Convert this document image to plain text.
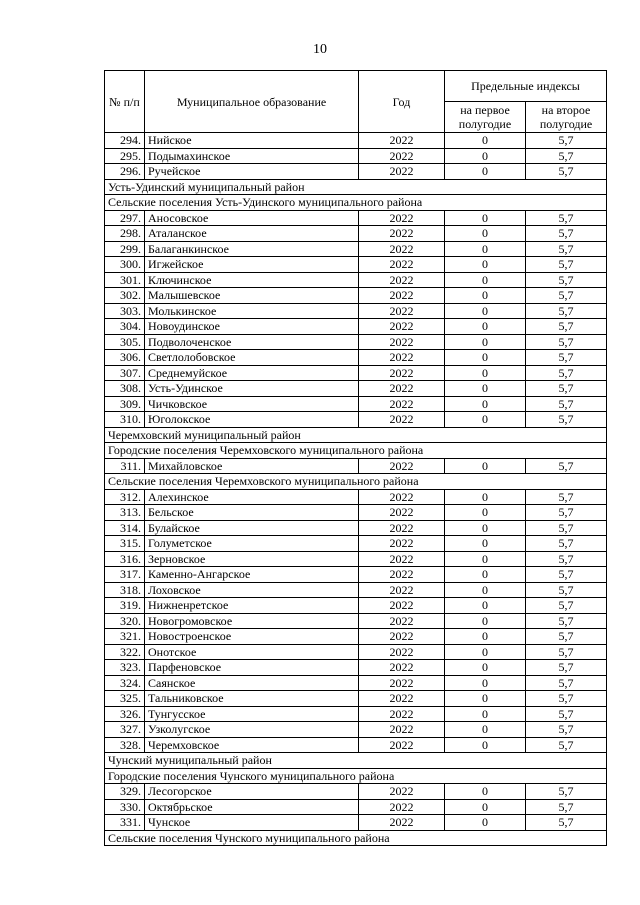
10
№ п/п	Муниципальное образование	Год	Предельные индексы	
			на первое полугодие	на второе полугодие
294.	Нийское	2022	0	5,7
295.	Подымахинское	2022	0	5,7
296.	Ручейское	2022	0	5,7
Усть-Удинский муниципальный район				
Сельские поселения Усть-Удинского муниципального района				
297.	Аносовское	2022	0	5,7
298.	Аталанское	2022	0	5,7
299.	Балаганкинское	2022	0	5,7
300.	Игжейское	2022	0	5,7
301.	Ключинское	2022	0	5,7
302.	Малышевское	2022	0	5,7
303.	Молькинское	2022	0	5,7
304.	Новоудинское	2022	0	5,7
305.	Подволоченское	2022	0	5,7
306.	Светлолобовское	2022	0	5,7
307.	Среднемуйское	2022	0	5,7
308.	Усть-Удинское	2022	0	5,7
309.	Чичковское	2022	0	5,7
310.	Юголокское	2022	0	5,7
Черемховский муниципальный район				
Городские поселения Черемховского муниципального района				
311.	Михайловское	2022	0	5,7
Сельские поселения Черемховского муниципального района				
312.	Алехинское	2022	0	5,7
313.	Бельское	2022	0	5,7
314.	Булайское	2022	0	5,7
315.	Голуметское	2022	0	5,7
316.	Зерновское	2022	0	5,7
317.	Каменно-Ангарское	2022	0	5,7
318.	Лоховское	2022	0	5,7
319.	Нижненретское	2022	0	5,7
320.	Новогромовское	2022	0	5,7
321.	Новостроенское	2022	0	5,7
322.	Онотское	2022	0	5,7
323.	Парфеновское	2022	0	5,7
324.	Саянское	2022	0	5,7
325.	Тальниковское	2022	0	5,7
326.	Тунгусское	2022	0	5,7
327.	Узколугское	2022	0	5,7
328.	Черемховское	2022	0	5,7
Чунский муниципальный район				
Городские поселения Чунского муниципального района				
329.	Лесогорское	2022	0	5,7
330.	Октябрьское	2022	0	5,7
331.	Чунское	2022	0	5,7
Сельские поселения Чунского муниципального района				
